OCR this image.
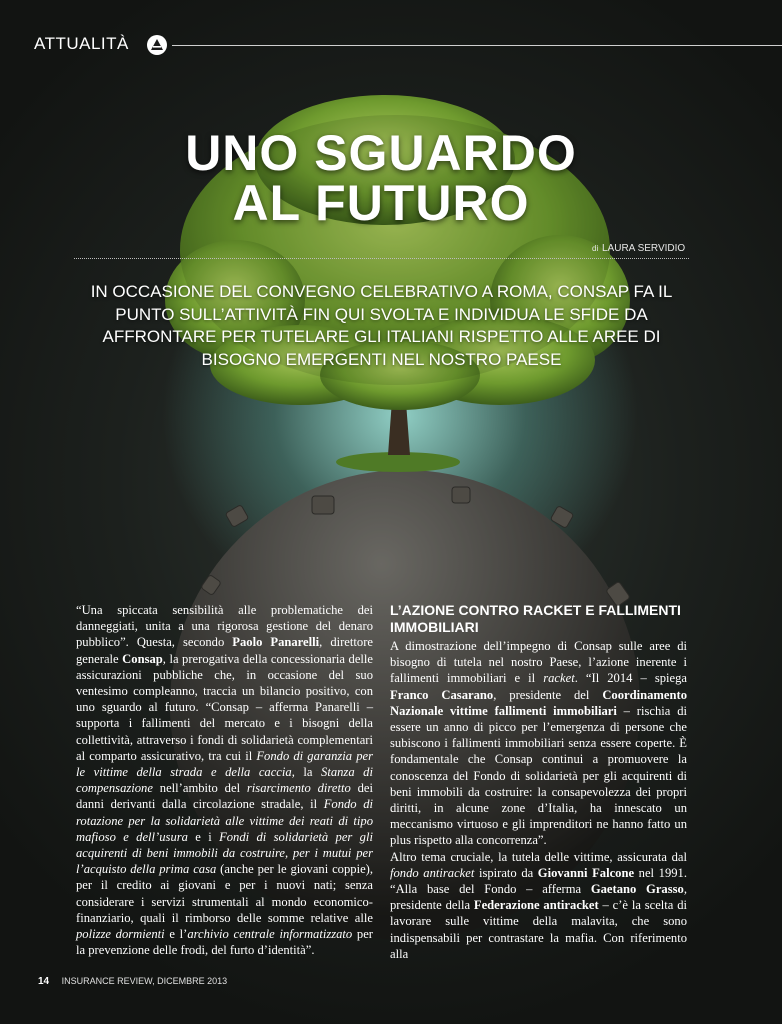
ATTUALITÀ
UNO SGUARDO
AL FUTURO
di LAURA SERVIDIO
IN OCCASIONE DEL CONVEGNO CELEBRATIVO A ROMA, CONSAP FA IL PUNTO SULL’ATTIVITÀ FIN QUI SVOLTA E INDIVIDUA LE SFIDE DA AFFRONTARE PER TUTELARE GLI ITALIANI RISPETTO ALLE AREE DI BISOGNO EMERGENTI NEL NOSTRO PAESE

“Una spiccata sensibilità alle problematiche dei danneggiati, unita a una rigorosa gestione del denaro pubblico”. Questa, secondo Paolo Panarelli, direttore generale Consap, la prerogativa della concessionaria delle assicurazioni pubbliche che, in occasione del suo ventesimo compleanno, traccia un bilancio positivo, con uno sguardo al futuro. “Consap – afferma Panarelli – supporta i fallimenti del mercato e i bisogni della collettività, attraverso i fondi di solidarietà complementari al comparto assicurativo, tra cui il Fondo di garanzia per le vittime della strada e della caccia, la Stanza di compensazione nell’ambito del risarcimento diretto dei danni derivanti dalla circolazione stradale, il Fondo di rotazione per la solidarietà alle vittime dei reati di tipo mafioso e dell’usura e i Fondi di solidarietà per gli acquirenti di beni immobili da costruire, per i mutui per l’acquisto della prima casa (anche per le giovani coppie), per il credito ai giovani e per i nuovi nati; senza considerare i servizi strumentali al mondo economico-finanziario, quali il rimborso delle somme relative alle polizze dormienti e l’archivio centrale informatizzato per la prevenzione delle frodi, del furto d’identità”.

L’AZIONE CONTRO RACKET E FALLIMENTI IMMOBILIARI

A dimostrazione dell’impegno di Consap sulle aree di bisogno di tutela nel nostro Paese, l’azione inerente i fallimenti immobiliari e il racket. “Il 2014 – spiega Franco Casarano, presidente del Coordinamento Nazionale vittime fallimenti immobiliari – rischia di essere un anno di picco per l’emergenza di persone che subiscono i fallimenti immobiliari senza essere coperte. È fondamentale che Consap continui a promuovere la conoscenza del Fondo di solidarietà per gli acquirenti di beni immobili da costruire: la consapevolezza dei propri diritti, in alcune zone d’Italia, ha innescato un meccanismo virtuoso e gli imprenditori ne hanno fatto un plus rispetto alla concorrenza”.

Altro tema cruciale, la tutela delle vittime, assicurata dal fondo antiracket ispirato da Giovanni Falcone nel 1991. “Alla base del Fondo – afferma Gaetano Grasso, presidente della Federazione antiracket – c’è la scelta di lavorare sulle vittime della malavita, che sono indispensabili per contrastare la mafia. Con riferimento alla

14 INSURANCE REVIEW, DICEMBRE 2013
